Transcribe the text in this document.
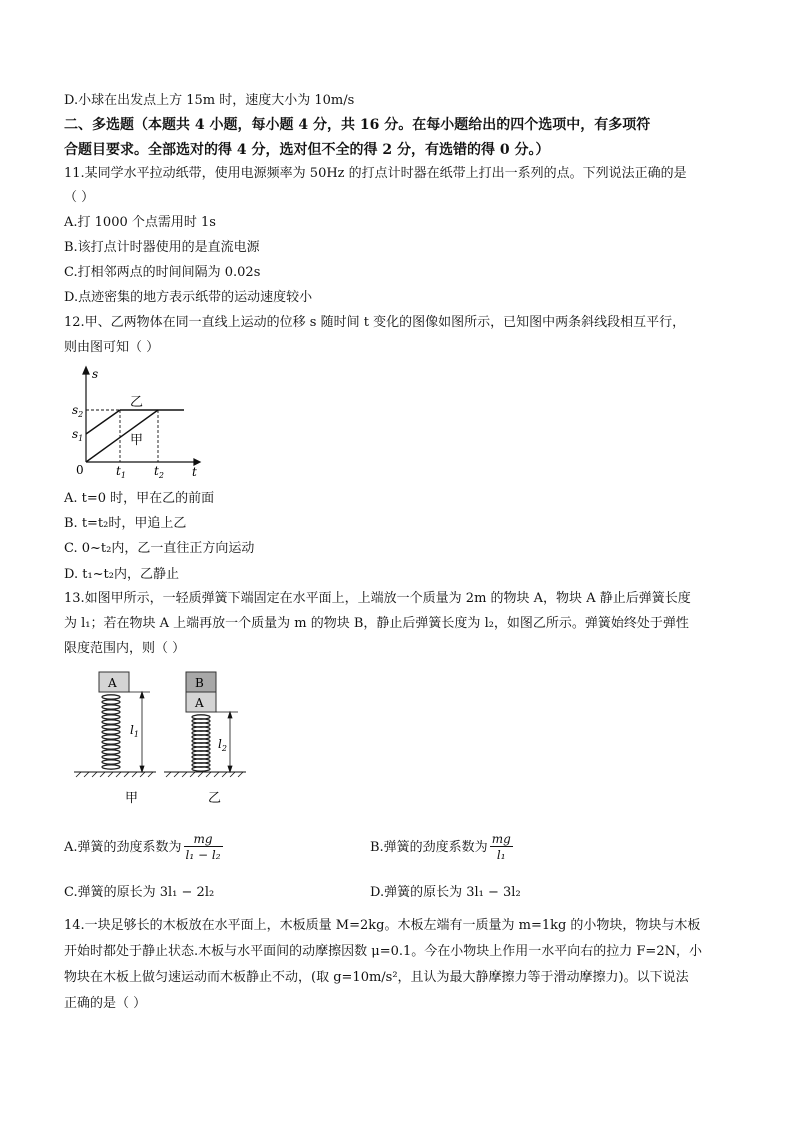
D.小球在出发点上方 15m 时，速度大小为 10m/s
二、多选题（本题共 4 小题，每小题 4 分，共 16 分。在每小题给出的四个选项中，有多项符
合题目要求。全部选对的得 4 分，选对但不全的得 2 分，有选错的得 0 分。）
11.某同学水平拉动纸带，使用电源频率为 50Hz 的打点计时器在纸带上打出一系列的点。下列说法正确的是
（ ）
A.打 1000 个点需用时 1s
B.该打点计时器使用的是直流电源
C.打相邻两点的时间间隔为 0.02s
D.点迹密集的地方表示纸带的运动速度较小
12.甲、乙两物体在同一直线上运动的位移 s 随时间 t 变化的图像如图所示，已知图中两条斜线段相互平行，
则由图可知（ ）
s
$s_2$
$s_1$
0	$t_1$ $t_2$ t
乙
甲
A. t=0 时，甲在乙的前面
B. t=t₂时，甲追上乙
C. 0~t₂内，乙一直往正方向运动
D. t₁~t₂内，乙静止
13.如图甲所示，一轻质弹簧下端固定在水平面上，上端放一个质量为 2m 的物块 A，物块 A 静止后弹簧长度
为 l₁；若在物块 A 上端再放一个质量为 m 的物块 B，静止后弹簧长度为 l₂，如图乙所示。弹簧始终处于弹性
限度范围内，则（ ）
A
$l_1$
B
A
$l_2$
甲	乙
A.弹簧的劲度系数为 $\frac{mg}{\text{l₁ − l₂}}$	B.弹簧的劲度系数为 $\frac{mg}{\text{l₁}}$
C.弹簧的原长为 3l₁ − 2l₂	D.弹簧的原长为 3l₁ − 3l₂
14.一块足够长的木板放在水平面上，木板质量 M=2kg。木板左端有一质量为 m=1kg 的小物块，物块与木板
开始时都处于静止状态.木板与水平面间的动摩擦因数 μ=0.1。今在小物块上作用一水平向右的拉力 F=2N，小
物块在木板上做匀速运动而木板静止不动，(取 g=10m/s²，且认为最大静摩擦力等于滑动摩擦力)。以下说法
正确的是（ ）
